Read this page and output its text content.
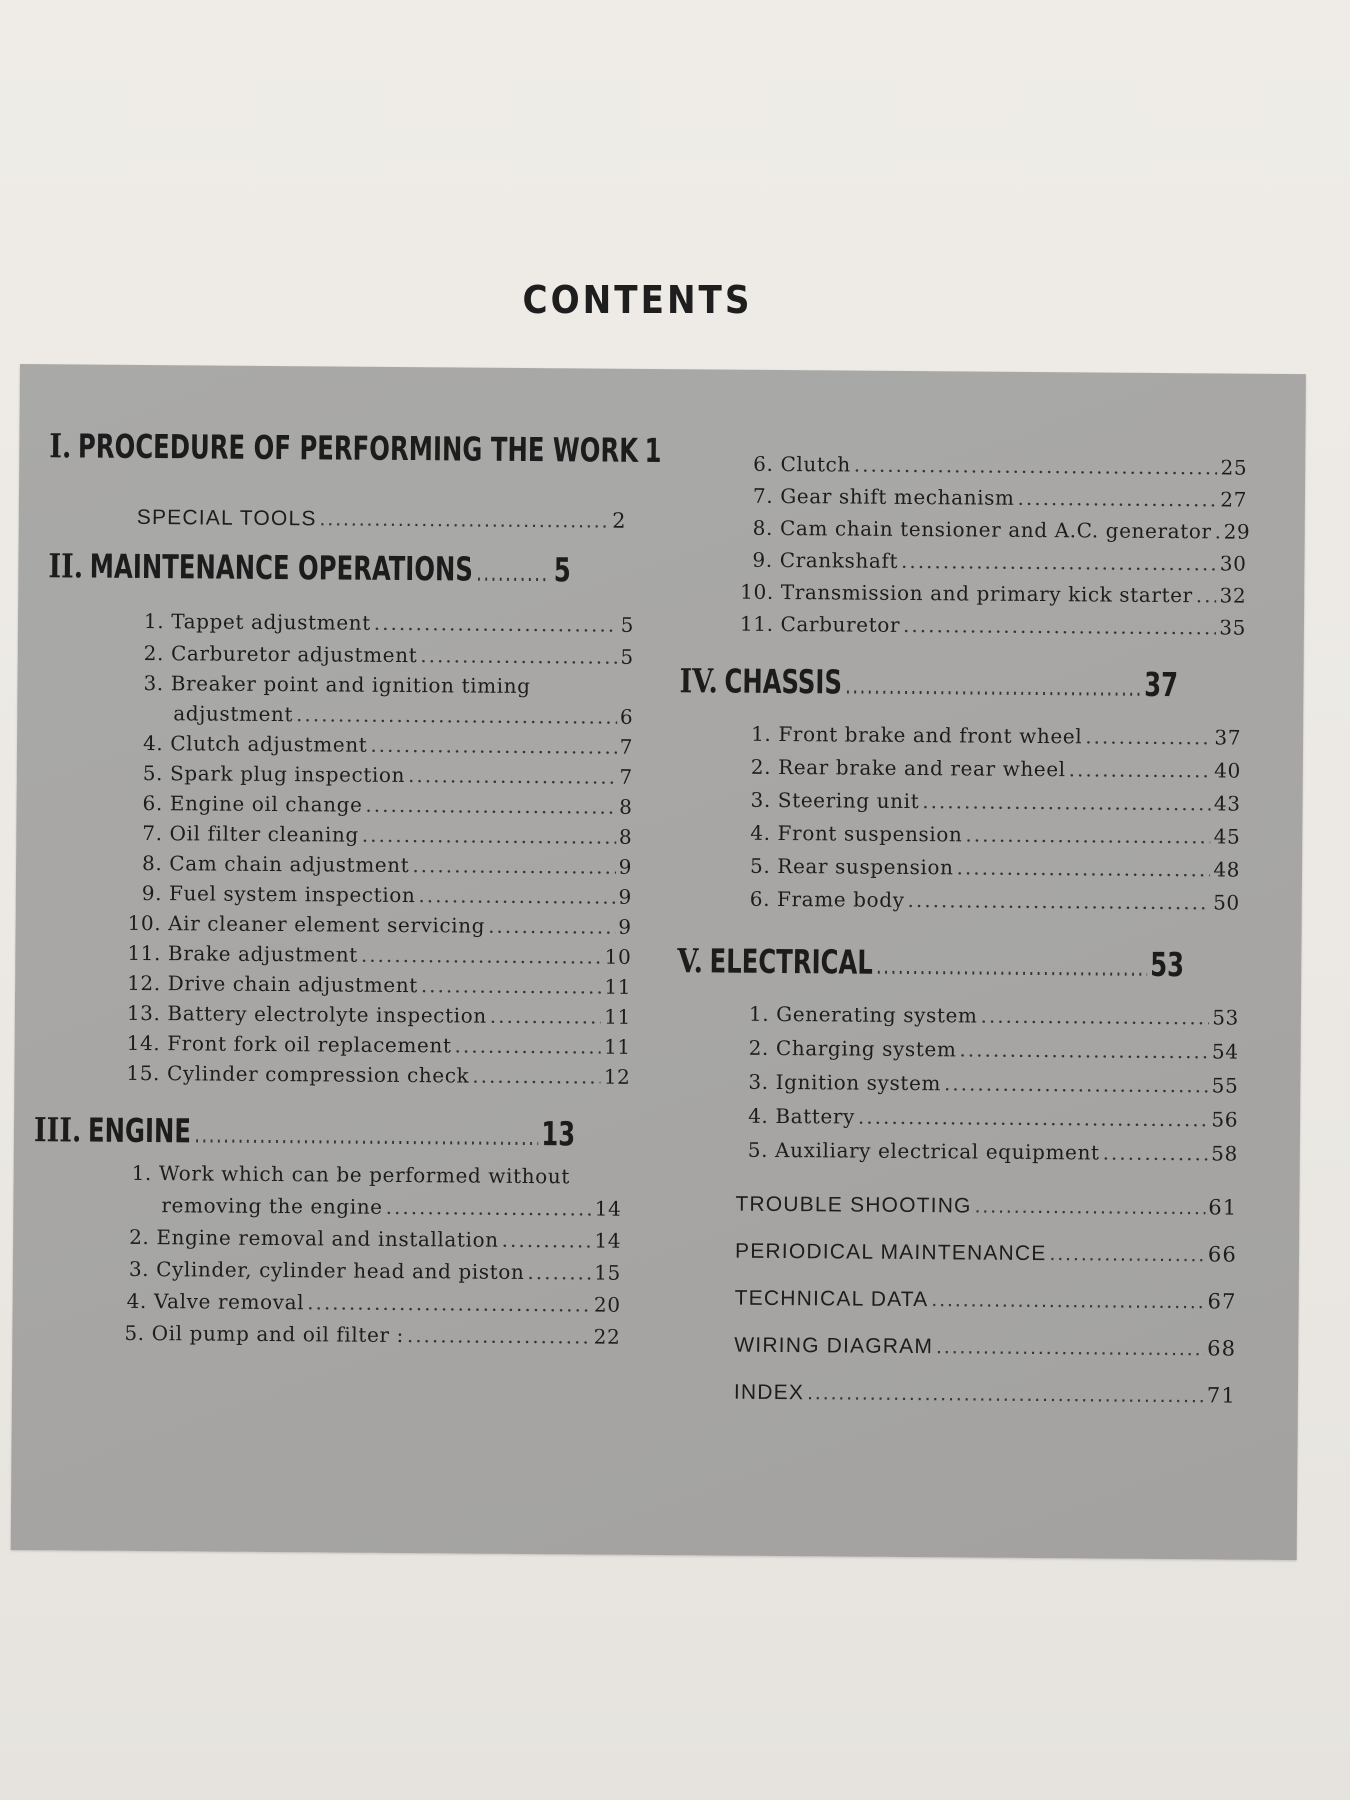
CONTENTS
I. PROCEDURE OF PERFORMING THE WORK ..... 1
SPECIAL TOOLS .....	2
II. MAINTENANCE OPERATIONS ..... 5
1.
Tappet adjustment .....	5
2.
Carburetor adjustment .....	5
3.
Breaker point and ignition timing
adjustment .....	6
4.
Clutch adjustment .....	7
5.
Spark plug inspection .....	7
6.
Engine oil change .....	8
7.
Oil filter cleaning .....	8
8.
Cam chain adjustment .....	9
9.
Fuel system inspection .....	9
10.
Air cleaner element servicing .....	9
11.
Brake adjustment .....	10
12.
Drive chain adjustment .....	11
13.
Battery electrolyte inspection .....	11
14.
Front fork oil replacement .....	11
15.
Cylinder compression check .....	12
III. ENGINE .....	13
1.
Work which can be performed without
removing the engine .....	14
2.
Engine removal and installation .....	14
3.
Cylinder, cylinder head and piston .....	15
4.
Valve removal .....	20
5.
Oil pump and oil filter : .....	22
6.
Clutch .....	25
7.
Gear shift mechanism .....	27
8.
Cam chain tensioner and A.C. generator ..... 29
9.
Crankshaft .....	30
10.
Transmission and primary kick starter ..... 32
11.
Carburetor .....	35
IV. CHASSIS .....	37
1.
Front brake and front wheel .....	37
2.
Rear brake and rear wheel .....	40
3.
Steering unit .....	43
4.
Front suspension .....	45
5.
Rear suspension .....	48
6.
Frame body .....	50
V. ELECTRICAL .....	53
1.
Generating system .....	53
2.
Charging system .....	54
3.
Ignition system .....	55
4.
Battery .....	56
5.
Auxiliary electrical equipment .....	58
TROUBLE SHOOTING .....	61
PERIODICAL MAINTENANCE .....	66
TECHNICAL DATA .....	67
WIRING DIAGRAM .....	68
INDEX .....	71
